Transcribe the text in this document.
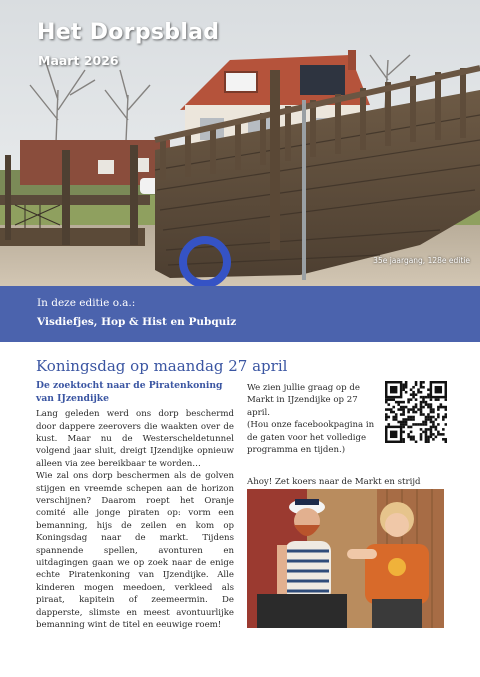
Het Dorpsblad
Maart 2026
35e jaargang, 128e editie
In deze editie o.a.:
Visdiefjes, Hop & Hist en Pubquiz
Koningsdag op maandag 27 april
De zoektocht naar de Piratenkoning van IJzendijke

Lang geleden werd ons dorp beschermd door dappere zeerovers die waakten over de kust. Maar nu de Westerscheldetunnel volgend jaar sluit, dreigt IJzendijke opnieuw alleen via zee bereikbaar te worden…

Wie zal ons dorp beschermen als de golven stijgen en vreemde schepen aan de horizon verschijnen? Daarom roept het Oranje comité alle jonge piraten op: vorm een bemanning, hijs de zeilen en kom op Koningsdag naar de markt. Tijdens spannende spellen, avonturen en uitdagingen gaan we op zoek naar de enige echte Piratenkoning van IJzendijke. Alle kinderen mogen meedoen, verkleed als piraat, kapitein of zeemeermin. De dapperste, slimste en meest avontuurlijke bemanning wint de titel en eeuwige roem!

We zien jullie graag op de Markt in IJzendijke op 27 april.
(Hou onze facebookpagina in de gaten voor het volledige programma en tijden.)
Ahoy! Zet koers naar de Markt en strijd
